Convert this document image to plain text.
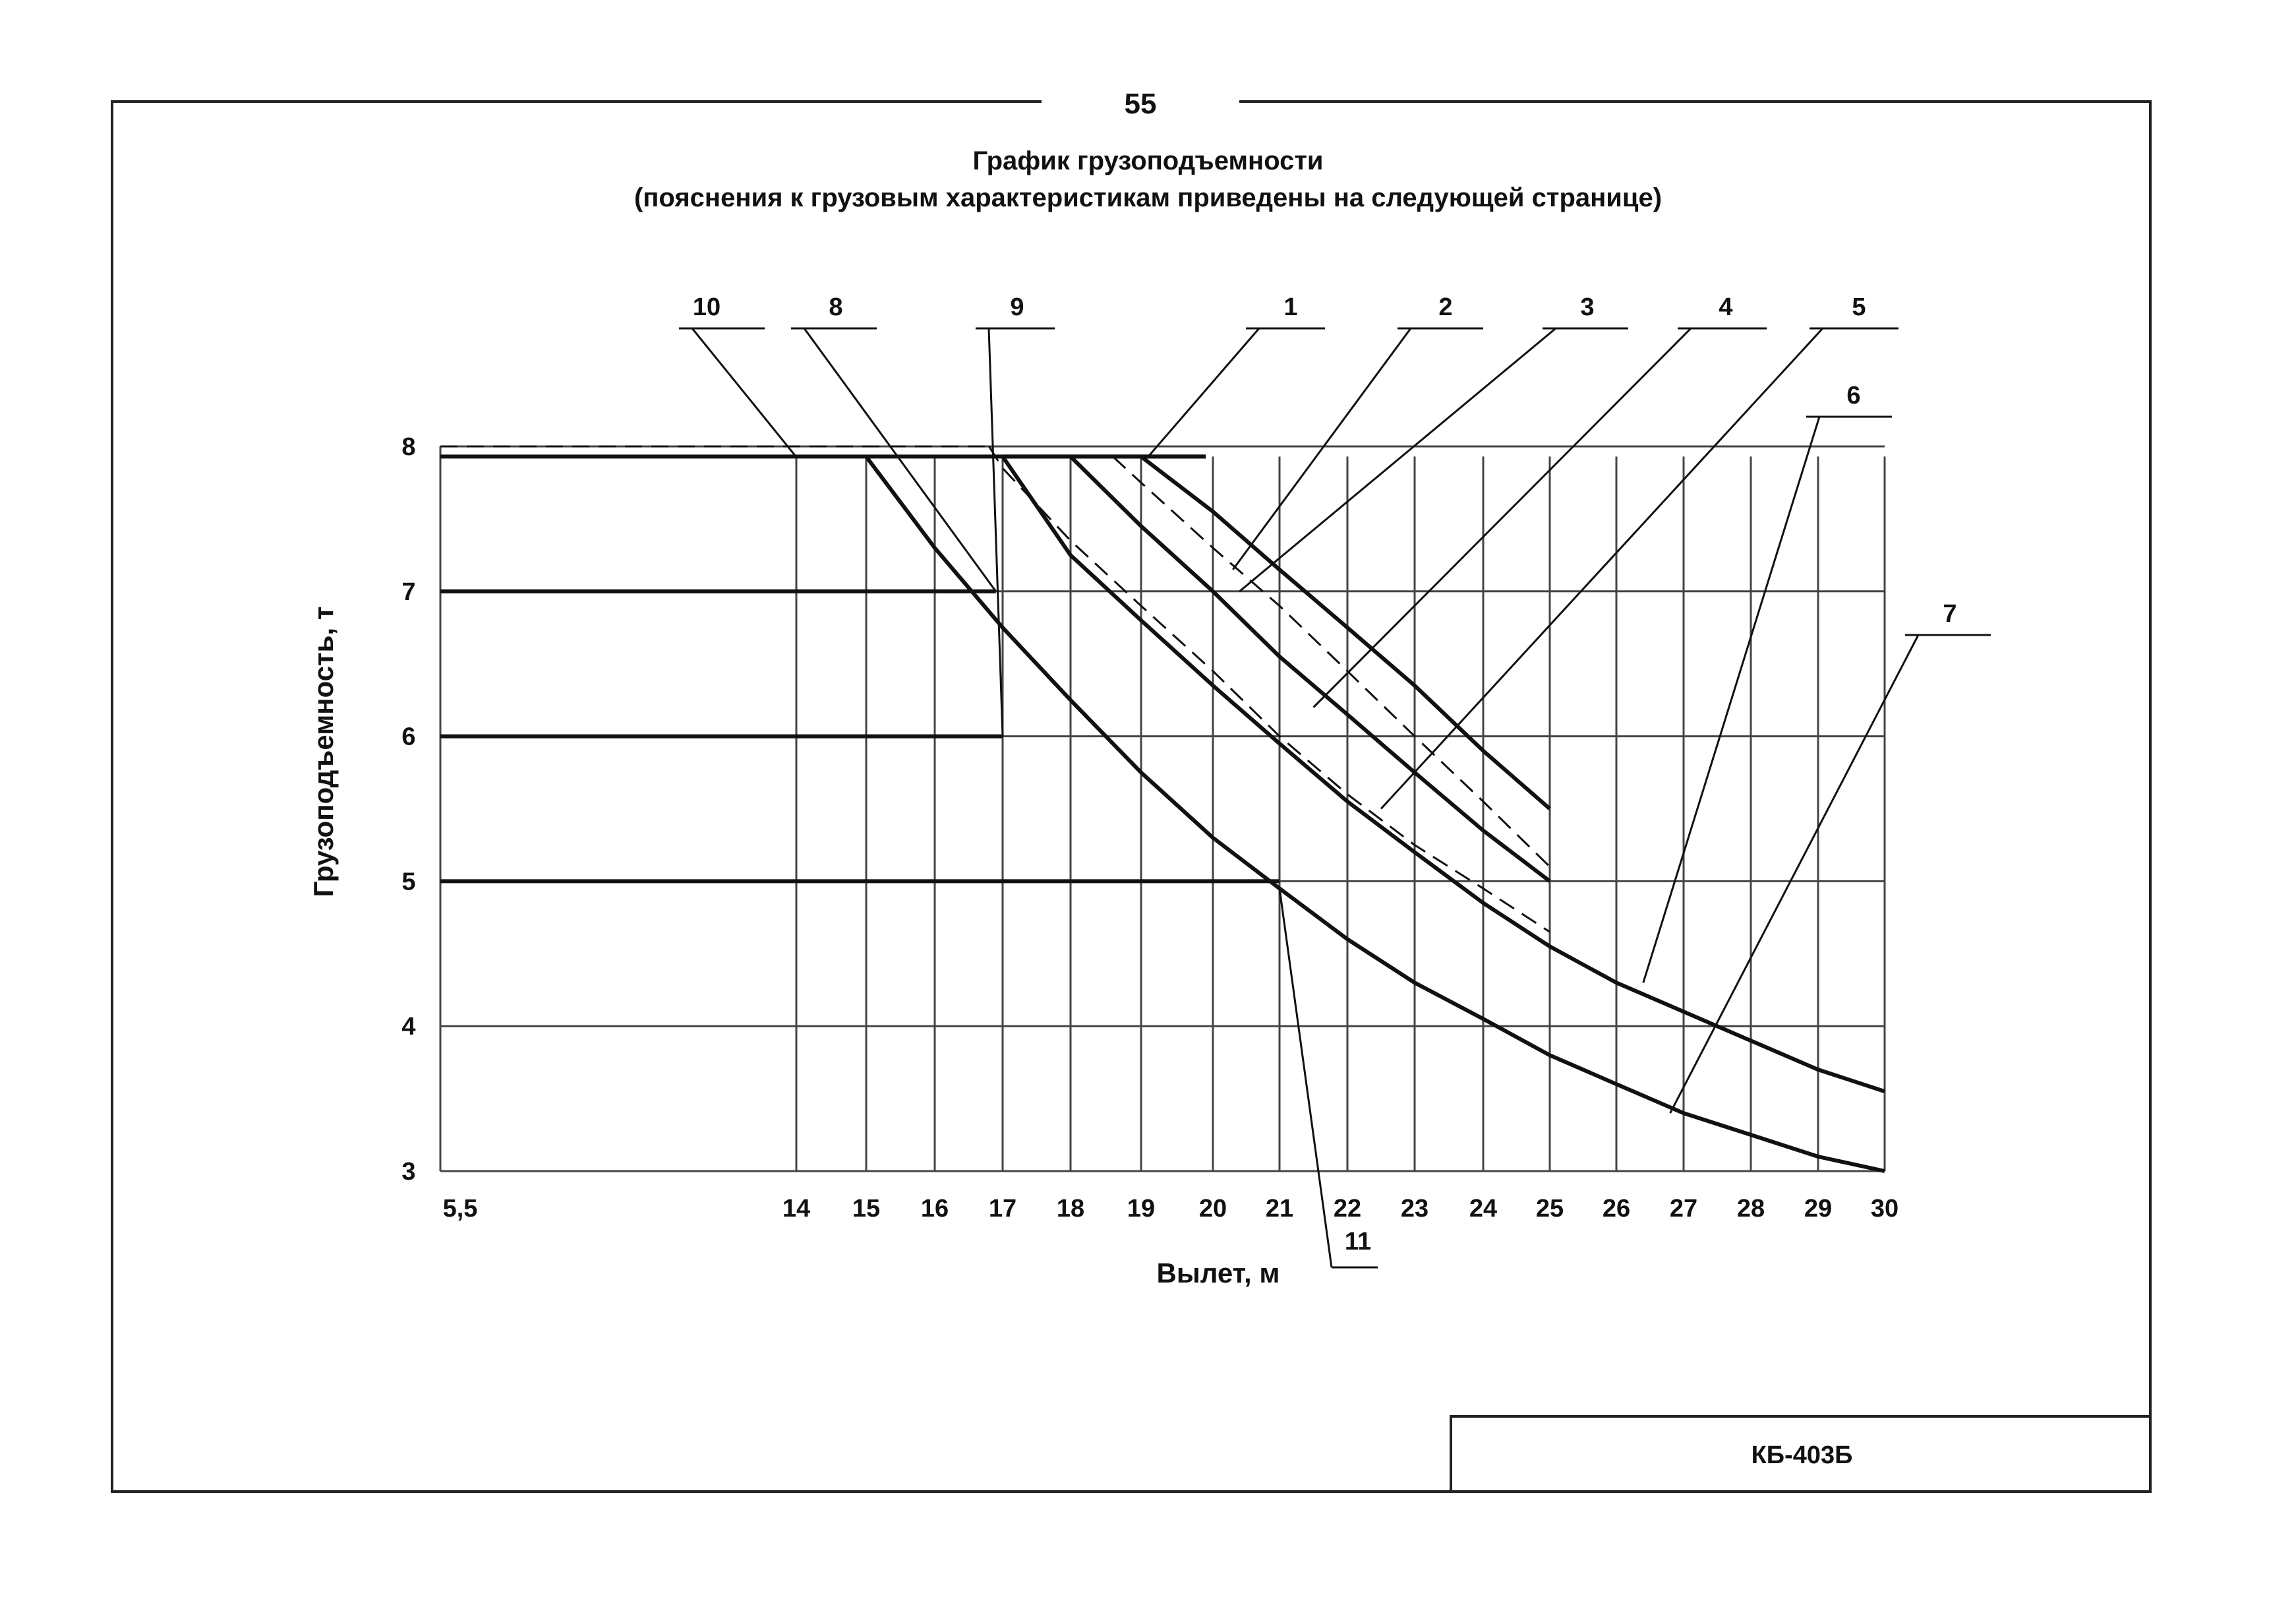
55
График грузоподъемности
(пояснения к грузовым характеристикам приведены на следующей странице)
КБ-403Б
3
4
5
6
7
8
5,5	14 15 16 17 18 19 20 21 22 23 24 25 26 27 28 29 30
10	8	9	1	2	3	4	5
6
7
11
Вылет, м
Грузоподъемность, т
